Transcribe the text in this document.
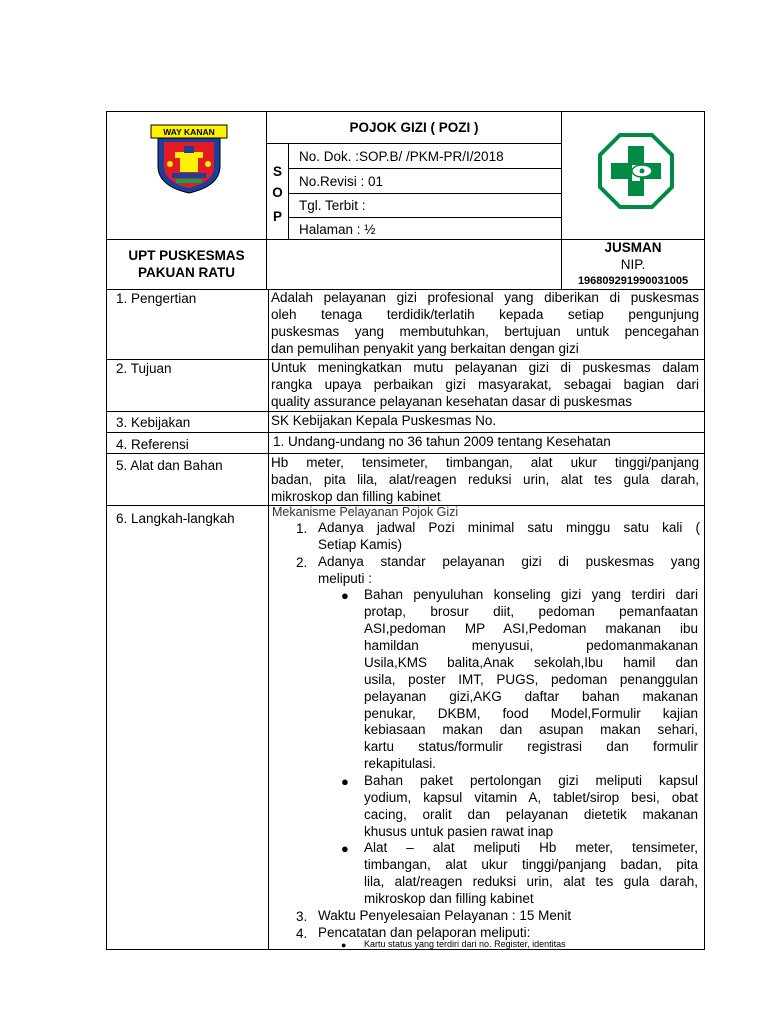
WAY KANAN	POJOK GIZI ( POZI )
S
O
P
No. Dok. :SOP.B/ /PKM-PR/I/2018
No.Revisi : 01
Tgl. Terbit :
Halaman : ½
UPT PUSKESMAS
PAKUAN RATU
JUSMAN
NIP.
196809291990031005
1. Pengertian
2. Tujuan
3. Kebijakan
4. Referensi
5. Alat dan Bahan
6. Langkah-langkah
Adalah pelayanan gizi profesional yang diberikan di puskesmas
oleh tenaga terdidik/terlatih kepada setiap pengunjung
puskesmas yang membutuhkan, bertujuan untuk pencegahan
dan pemulihan penyakit yang berkaitan dengan gizi
Untuk meningkatkan mutu pelayanan gizi di puskesmas dalam
rangka upaya perbaikan gizi masyarakat, sebagai bagian dari
quality assurance pelayanan kesehatan dasar di puskesmas
SK Kebijakan Kepala Puskesmas No.
1. Undang-undang no 36 tahun 2009 tentang Kesehatan
Hb meter, tensimeter, timbangan, alat ukur tinggi/panjang
badan, pita lila, alat/reagen reduksi urin, alat tes gula darah,
mikroskop dan filling kabinet
Mekanisme Pelayanan Pojok Gizi
1. Adanya jadwal Pozi minimal satu minggu satu kali (
Setiap Kamis)
2. Adanya standar pelayanan gizi di puskesmas yang
meliputi :
● Bahan penyuluhan konseling gizi yang terdiri dari
protap, brosur diit, pedoman pemanfaatan
ASI,pedoman MP ASI,Pedoman makanan ibu
hamildan menyusui, pedomanmakanan
Usila,KMS balita,Anak sekolah,Ibu hamil dan
usila, poster IMT, PUGS, pedoman penanggulan
pelayanan gizi,AKG daftar bahan makanan
penukar, DKBM, food Model,Formulir kajian
kebiasaan makan dan asupan makan sehari,
kartu status/formulir registrasi dan formulir
rekapitulasi.
● Bahan paket pertolongan gizi meliputi kapsul
yodium, kapsul vitamin A, tablet/sirop besi, obat
cacing, oralit dan pelayanan dietetik makanan
khusus untuk pasien rawat inap
● Alat – alat meliputi Hb meter, tensimeter,
timbangan, alat ukur tinggi/panjang badan, pita
lila, alat/reagen reduksi urin, alat tes gula darah,
mikroskop dan filling kabinet
3. Waktu Penyelesaian Pelayanan : 15 Menit
4. Pencatatan dan pelaporan meliputi:
● Kartu status yang terdiri dari no. Register, identitas
